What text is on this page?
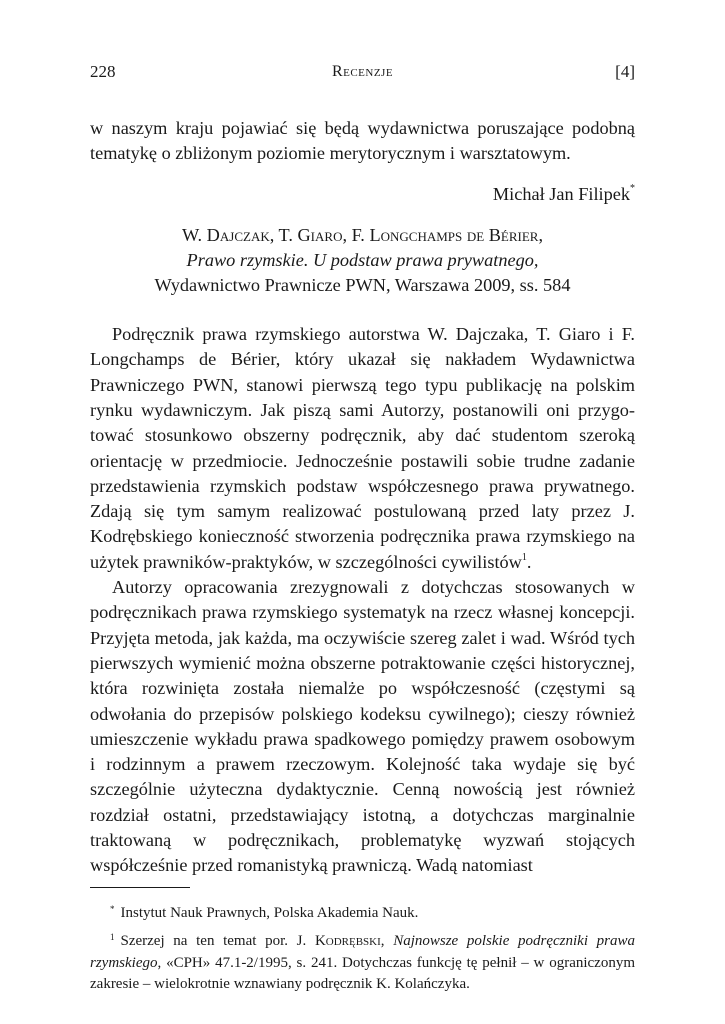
228	Recenzje	[4]
w naszym kraju pojawiać się będą wydawnictwa poruszające podobną tematykę o zbliżonym poziomie merytorycznym i warsztatowym.
Michał Jan Filipek*
W. Dajczak, T. Giaro, F. Longchamps de Bérier,
Prawo rzymskie. U podstaw prawa prywatnego,
Wydawnictwo Prawnicze PWN, Warszawa 2009, ss. 584

Podręcznik prawa rzymskiego autorstwa W. Dajczaka, T. Giaro i F. Longchamps de Bérier, który ukazał się nakładem Wydawnictwa Prawniczego PWN, stanowi pierwszą tego typu publikację na polskim rynku wydawniczym. Jak piszą sami Autorzy, postanowili oni przygotować stosunkowo obszerny podręcznik, aby dać studentom szeroką orientację w przedmiocie. Jednocześnie postawili sobie trudne zadanie przedstawienia rzymskich podstaw współczesnego prawa prywatnego. Zdają się tym samym realizować postulowaną przed laty przez J. Kodrębskiego konieczność stworzenia podręcznika prawa rzymskiego na użytek prawników-praktyków, w szczególności cywilistów$^1$.

Autorzy opracowania zrezygnowali z dotychczas stosowanych w podręcznikach prawa rzymskiego systematyk na rzecz własnej koncepcji. Przyjęta metoda, jak każda, ma oczywiście szereg zalet i wad. Wśród tych pierwszych wymienić można obszerne potraktowanie części historycznej, która rozwinięta została niemalże po współczesność (częstymi są odwołania do przepisów polskiego kodeksu cywilnego); cieszy również umieszczenie wykładu prawa spadkowego pomiędzy prawem osobowym i rodzinnym a prawem rzeczowym. Kolejność taka wydaje się być szczególnie użyteczna dydaktycznie. Cenną nowością jest również rozdział ostatni, przedstawiający istotną, a dotychczas marginalnie traktowaną w podręcznikach, problematykę wyzwań stojących współcześnie przed romanistyką prawniczą. Wadą natomiast

* Instytut Nauk Prawnych, Polska Akademia Nauk.

$^1$ Szerzej na ten temat por. J. Kodrębski, Najnowsze polskie podręczniki prawa rzymskiego, «CPH» 47.1-2/1995, s. 241. Dotychczas funkcję tę pełnił – w ograniczonym zakresie – wielokrotnie wznawiany podręcznik K. Kolańczyka.
